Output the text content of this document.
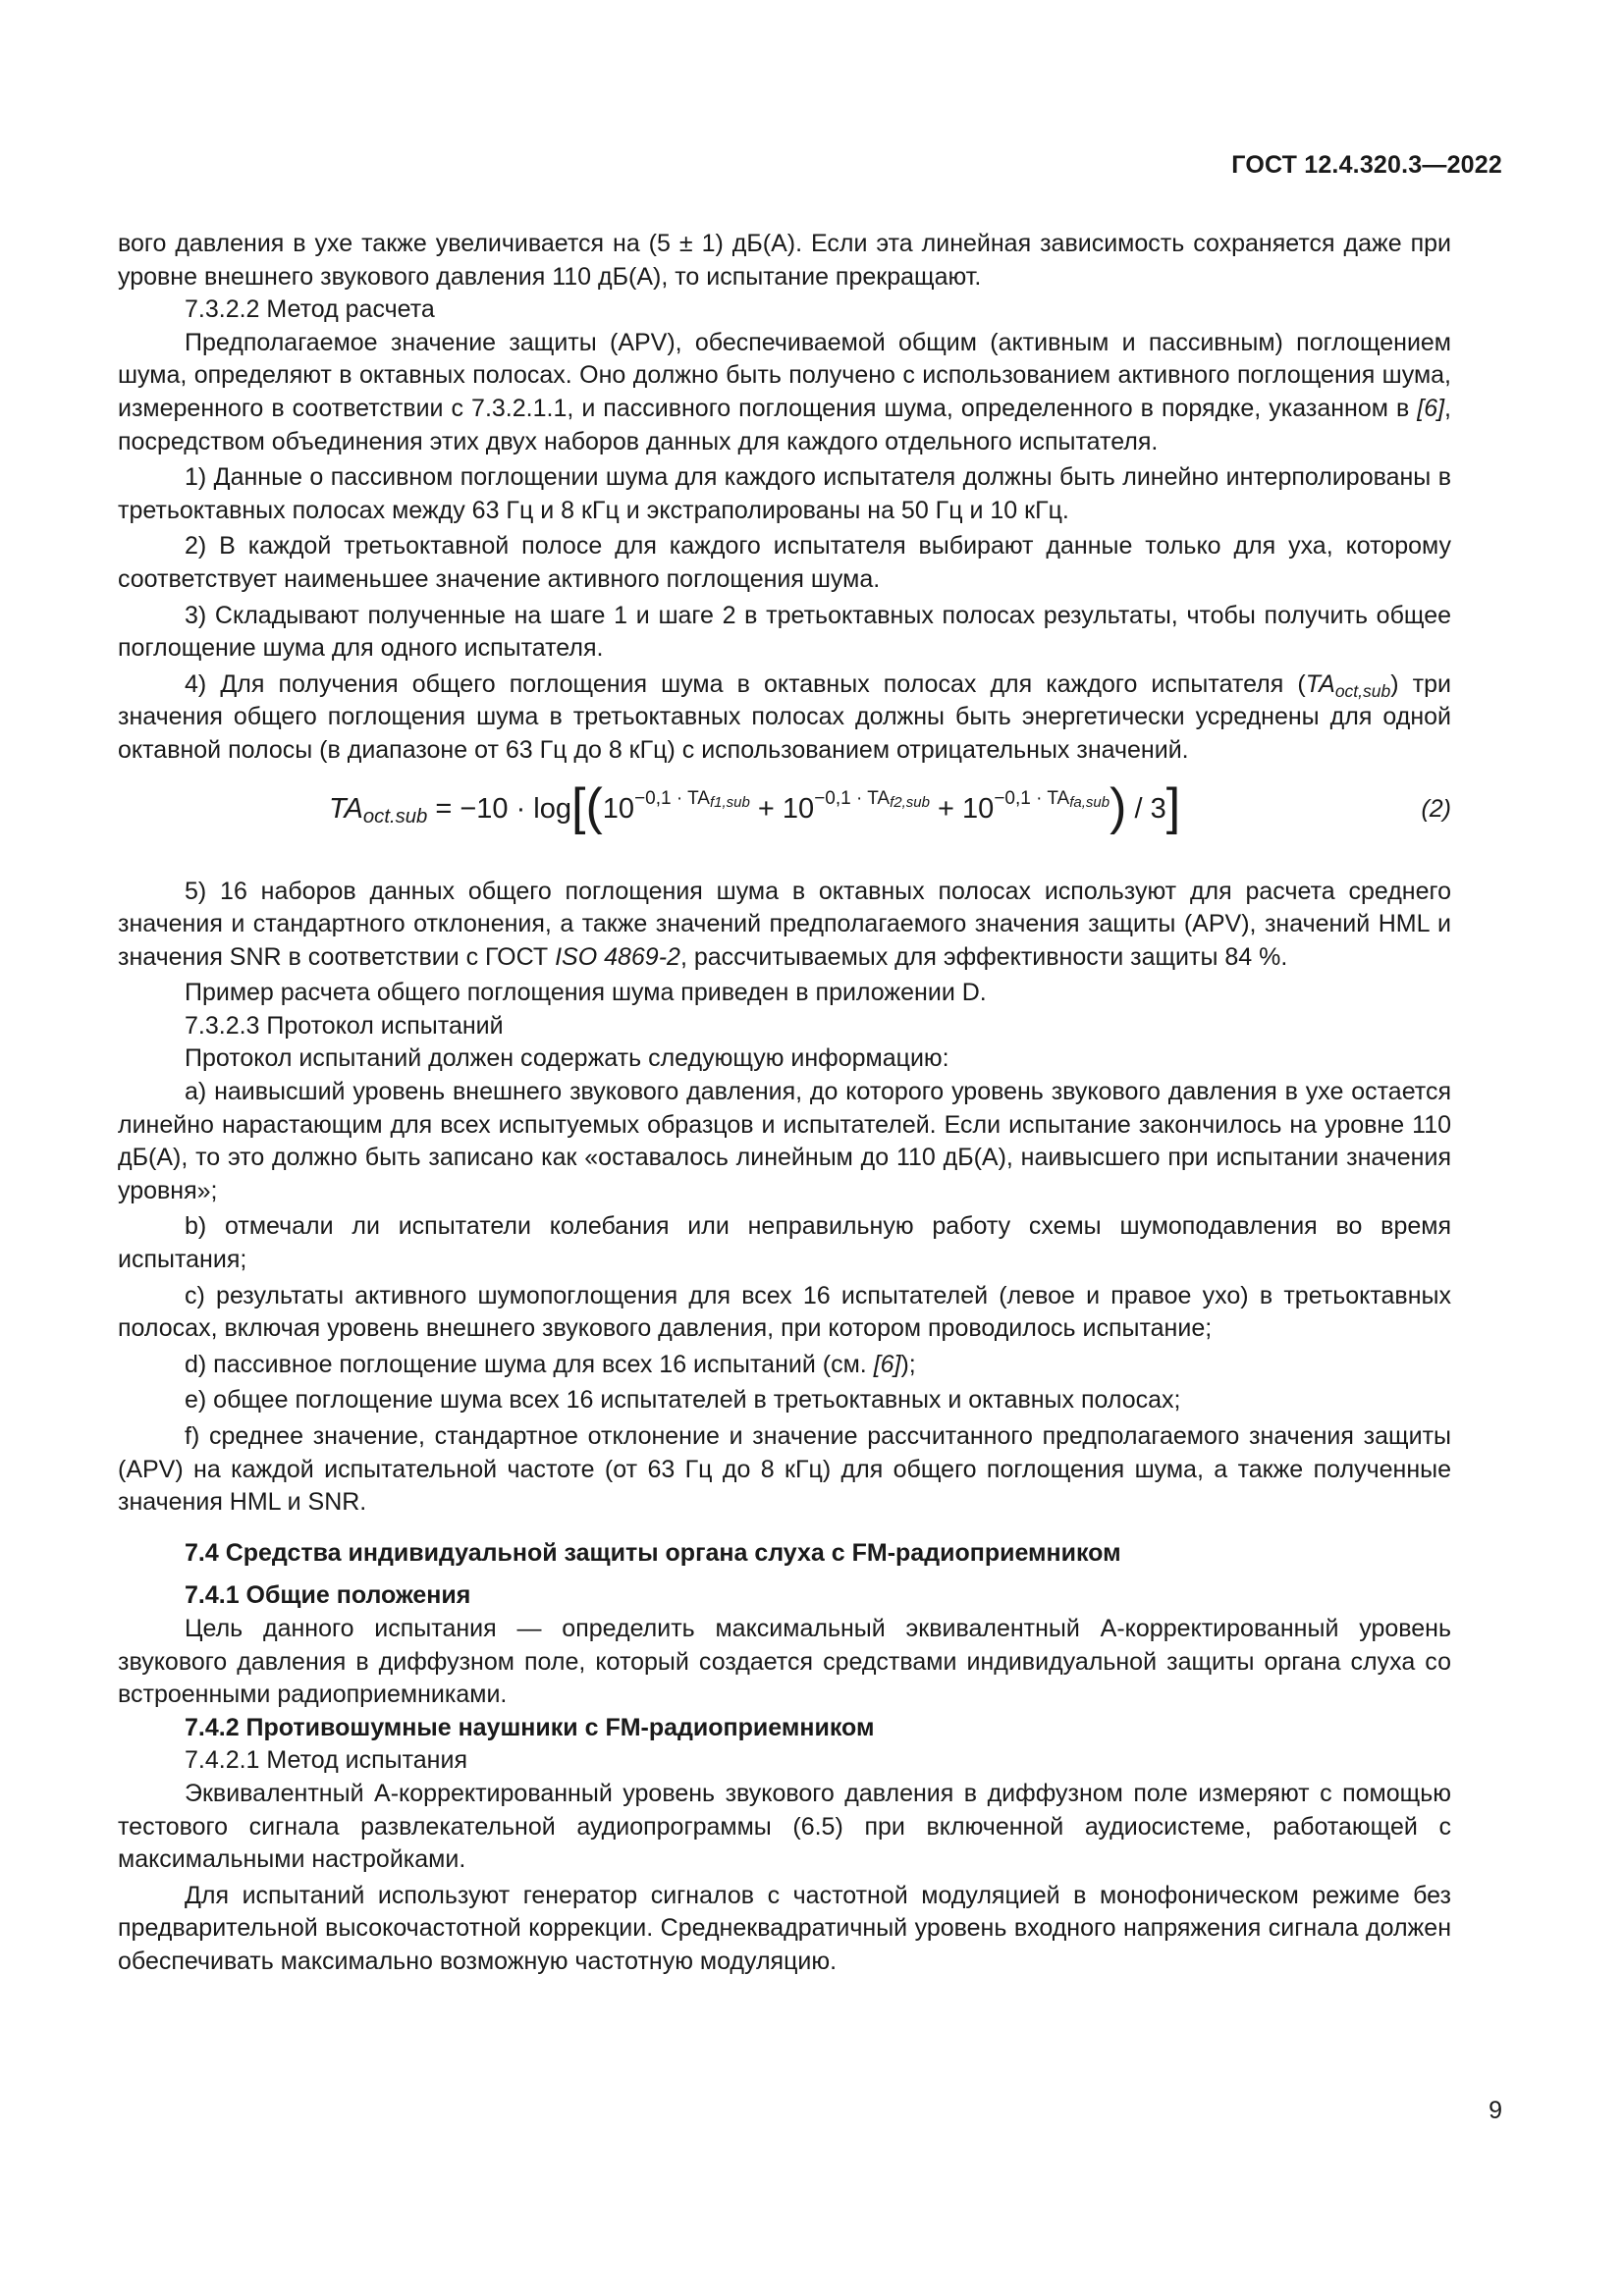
ГОСТ 12.4.320.3—2022

вого давления в ухе также увеличивается на (5 ± 1) дБ(А). Если эта линейная зависимость сохраняется даже при уровне внешнего звукового давления 110 дБ(А), то испытание прекращают.

7.3.2.2 Метод расчета

Предполагаемое значение защиты (APV), обеспечиваемой общим (активным и пассивным) поглощением шума, определяют в октавных полосах. Оно должно быть получено с использованием активного поглощения шума, измеренного в соответствии с 7.3.2.1.1, и пассивного поглощения шума, определенного в порядке, указанном в [6], посредством объединения этих двух наборов данных для каждого отдельного испытателя.

1) Данные о пассивном поглощении шума для каждого испытателя должны быть линейно интерполированы в третьоктавных полосах между 63 Гц и 8 кГц и экстраполированы на 50 Гц и 10 кГц.

2) В каждой третьоктавной полосе для каждого испытателя выбирают данные только для уха, которому соответствует наименьшее значение активного поглощения шума.

3) Складывают полученные на шаге 1 и шаге 2 в третьоктавных полосах результаты, чтобы получить общее поглощение шума для одного испытателя.

4) Для получения общего поглощения шума в октавных полосах для каждого испытателя $(TA_{oct,sub})$ три значения общего поглощения шума в третьоктавных полосах должны быть энергетически усреднены для одной октавной полосы (в диапазоне от 63 Гц до 8 кГц) с использованием отрицательных значений.

$TA_{oct.sub} = -10 \cdot \log[(10^{-0,1 \cdot TA_{f1,sub}} + 10^{-0,1 \cdot TA_{f2,sub}} + 10^{-0,1 \cdot TA_{fa,sub}}) / 3]$	(2)

5) 16 наборов данных общего поглощения шума в октавных полосах используют для расчета среднего значения и стандартного отклонения, а также значений предполагаемого значения защиты (APV), значений HML и значения SNR в соответствии с ГОСТ ISO 4869-2, рассчитываемых для эффективности защиты 84 %.

Пример расчета общего поглощения шума приведен в приложении D.

7.3.2.3 Протокол испытаний

Протокол испытаний должен содержать следующую информацию:

a) наивысший уровень внешнего звукового давления, до которого уровень звукового давления в ухе остается линейно нарастающим для всех испытуемых образцов и испытателей. Если испытание закончилось на уровне 110 дБ(А), то это должно быть записано как «оставалось линейным до 110 дБ(А), наивысшего при испытании значения уровня»;

b) отмечали ли испытатели колебания или неправильную работу схемы шумоподавления во время испытания;

c) результаты активного шумопоглощения для всех 16 испытателей (левое и правое ухо) в третьоктавных полосах, включая уровень внешнего звукового давления, при котором проводилось испытание;

d) пассивное поглощение шума для всех 16 испытаний (см. [6]);

e) общее поглощение шума всех 16 испытателей в третьоктавных и октавных полосах;

f) среднее значение, стандартное отклонение и значение рассчитанного предполагаемого значения защиты (APV) на каждой испытательной частоте (от 63 Гц до 8 кГц) для общего поглощения шума, а также полученные значения HML и SNR.

7.4 Средства индивидуальной защиты органа слуха с FM-радиоприемником

7.4.1 Общие положения

Цель данного испытания — определить максимальный эквивалентный А-корректированный уровень звукового давления в диффузном поле, который создается средствами индивидуальной защиты органа слуха со встроенными радиоприемниками.

7.4.2 Противошумные наушники с FM-радиоприемником

7.4.2.1 Метод испытания

Эквивалентный А-корректированный уровень звукового давления в диффузном поле измеряют с помощью тестового сигнала развлекательной аудиопрограммы (6.5) при включенной аудиосистеме, работающей с максимальными настройками.

Для испытаний используют генератор сигналов с частотной модуляцией в монофоническом режиме без предварительной высокочастотной коррекции. Среднеквадратичный уровень входного напряжения сигнала должен обеспечивать максимально возможную частотную модуляцию.

9
